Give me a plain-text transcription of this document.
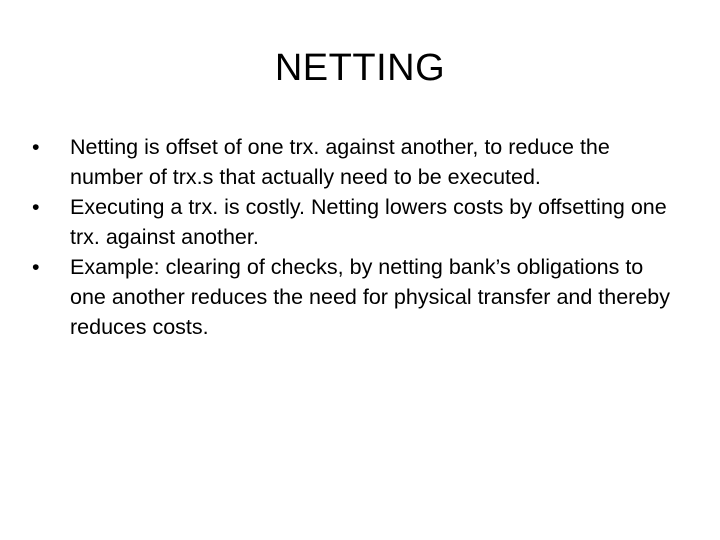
NETTING
•	Netting is offset of one trx. against another, to reduce the number of trx.s that actually need to be executed.
•	Executing a trx. is costly. Netting lowers costs by offsetting one trx. against another.
•	Example: clearing of checks, by netting bank’s obligations to one another reduces the need for physical transfer and thereby reduces costs.
